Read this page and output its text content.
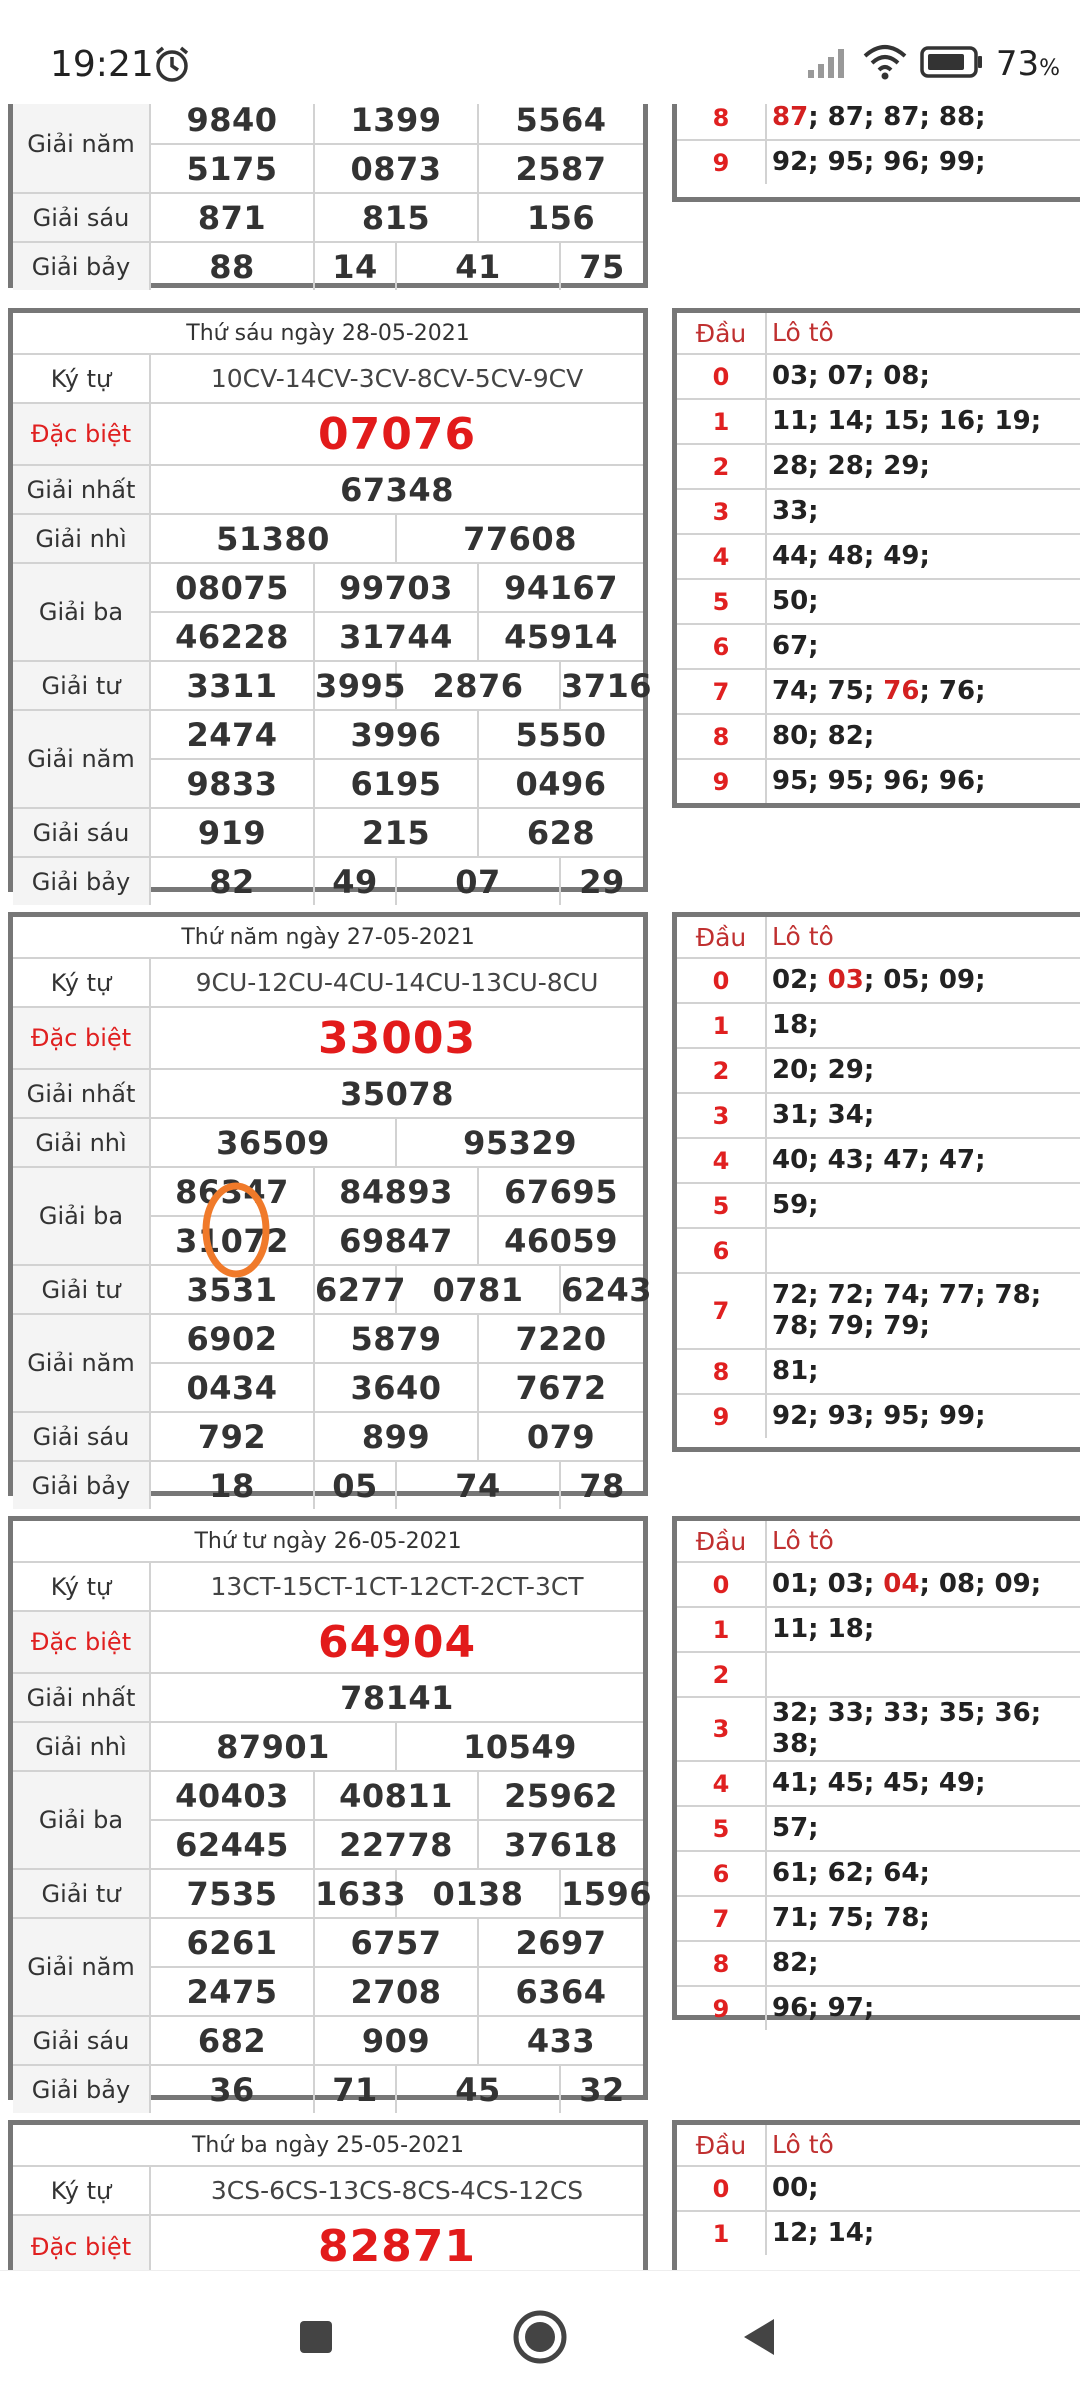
19:21	73%
Giải năm	9840	1399		5564	
	5175	0873		2587	
Giải sáu	871	815		156	
Giải bảy	88	14	41		75
8	87; 87; 87; 88;
9	92; 95; 96; 99;
Thứ sáu ngày 28-05-2021					
Ký tự	10CV-14CV-3CV-8CV-5CV-9CV				
Đặc biệt	07076				
Giải nhất	67348				
Giải nhì	51380		77608		
Giải ba	08075	99703		94167	
	46228	31744		45914	
Giải tư	3311	3995	2876		3716
Giải năm	2474	3996		5550	
	9833	6195		0496	
Giải sáu	919	215		628	
Giải bảy	82	49	07		29
Đầu	Lô tô
0	03; 07; 08;
1	11; 14; 15; 16; 19;
2	28; 28; 29;
3	33;
4	44; 48; 49;
5	50;
6	67;
7	74; 75; 76; 76;
8	80; 82;
9	95; 95; 96; 96;
Thứ năm ngày 27-05-2021					
Ký tự	9CU-12CU-4CU-14CU-13CU-8CU				
Đặc biệt	33003				
Giải nhất	35078				
Giải nhì	36509		95329		
Giải ba	86347	84893		67695	
	31072	69847		46059	
Giải tư	3531	6277	0781		6243
Giải năm	6902	5879		7220	
	0434	3640		7672	
Giải sáu	792	899		079	
Giải bảy	18	05	74		78
Đầu	Lô tô
0	02; 03; 05; 09;
1	18;
2	20; 29;
3	31; 34;
4	40; 43; 47; 47;
5	59;
6	
7	72; 72; 74; 77; 78; 78; 79; 79;
8	81;
9	92; 93; 95; 99;
Thứ tư ngày 26-05-2021					
Ký tự	13CT-15CT-1CT-12CT-2CT-3CT				
Đặc biệt	64904				
Giải nhất	78141				
Giải nhì	87901		10549		
Giải ba	40403	40811		25962	
	62445	22778		37618	
Giải tư	7535	1633	0138		1596
Giải năm	6261	6757		2697	
	2475	2708		6364	
Giải sáu	682	909		433	
Giải bảy	36	71	45		32
Đầu	Lô tô
0	01; 03; 04; 08; 09;
1	11; 18;
2	
3	32; 33; 33; 35; 36; 38;
4	41; 45; 45; 49;
5	57;
6	61; 62; 64;
7	71; 75; 78;
8	82;
9	96; 97;
Thứ ba ngày 25-05-2021	
Ký tự	3CS-6CS-13CS-8CS-4CS-12CS
Đặc biệt	82871
Đầu	Lô tô
0	00;
1	12; 14;
